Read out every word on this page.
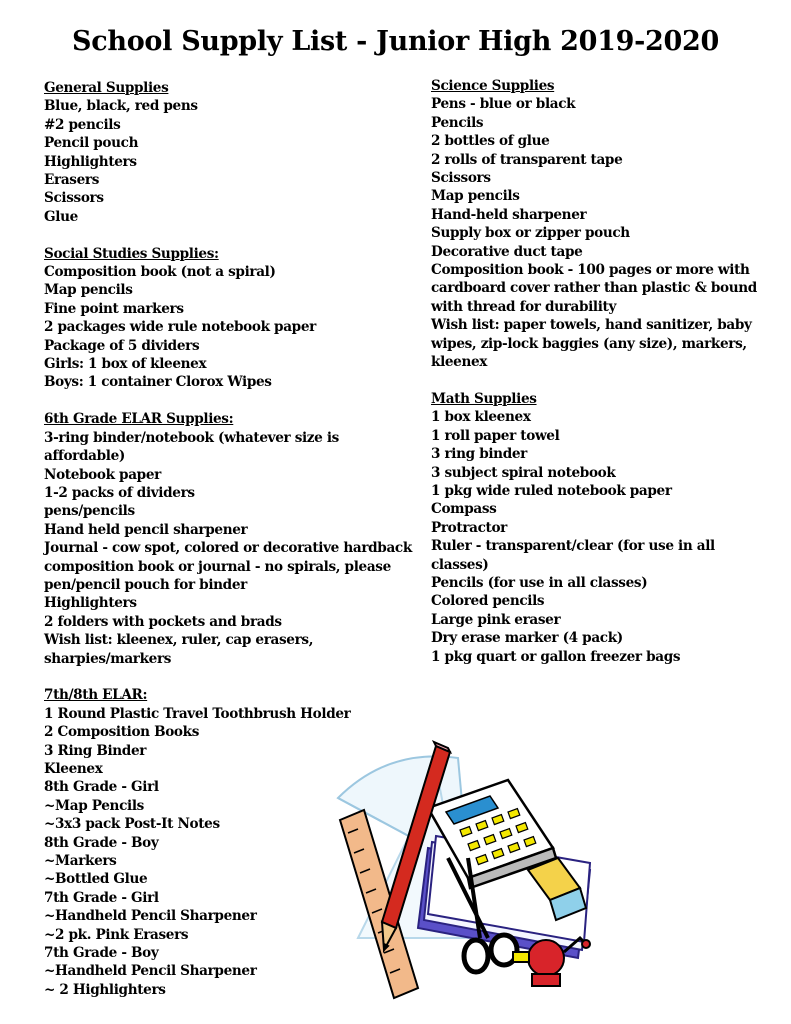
School Supply List - Junior High 2019-2020
General Supplies
Blue, black, red pens
#2 pencils
Pencil pouch
Highlighters
Erasers
Scissors
Glue
Social Studies Supplies:
Composition book (not a spiral)
Map pencils
Fine point markers
2 packages wide rule notebook paper
Package of 5 dividers
Girls: 1 box of kleenex
Boys: 1 container Clorox Wipes
6th Grade ELAR Supplies:
3-ring binder/notebook (whatever size is affordable)
Notebook paper
1-2 packs of dividers
pens/pencils
Hand held pencil sharpener
Journal - cow spot, colored or decorative hardback composition book or journal - no spirals, please
pen/pencil pouch for binder
Highlighters
2 folders with pockets and brads
Wish list: kleenex, ruler, cap erasers, sharpies/markers
7th/8th ELAR:
1 Round Plastic Travel Toothbrush Holder
2 Composition Books
3 Ring Binder
Kleenex
8th Grade - Girl
~Map Pencils
~3x3 pack Post-It Notes
8th Grade - Boy
~Markers
~Bottled Glue
7th Grade - Girl
~Handheld Pencil Sharpener
~2 pk. Pink Erasers
7th Grade - Boy
~Handheld Pencil Sharpener
~ 2 Highlighters
Science Supplies
Pens - blue or black
Pencils
2 bottles of glue
2 rolls of transparent tape
Scissors
Map pencils
Hand-held sharpener
Supply box or zipper pouch
Decorative duct tape
Composition book - 100 pages or more with cardboard cover rather than plastic & bound with thread for durability
Wish list: paper towels, hand sanitizer, baby wipes, zip-lock baggies (any size), markers, kleenex
Math Supplies
1 box kleenex
1 roll paper towel
3 ring binder
3 subject spiral notebook
1 pkg wide ruled notebook paper
Compass
Protractor
Ruler - transparent/clear (for use in all classes)
Pencils (for use in all classes)
Colored pencils
Large pink eraser
Dry erase marker (4 pack)
1 pkg quart or gallon freezer bags
